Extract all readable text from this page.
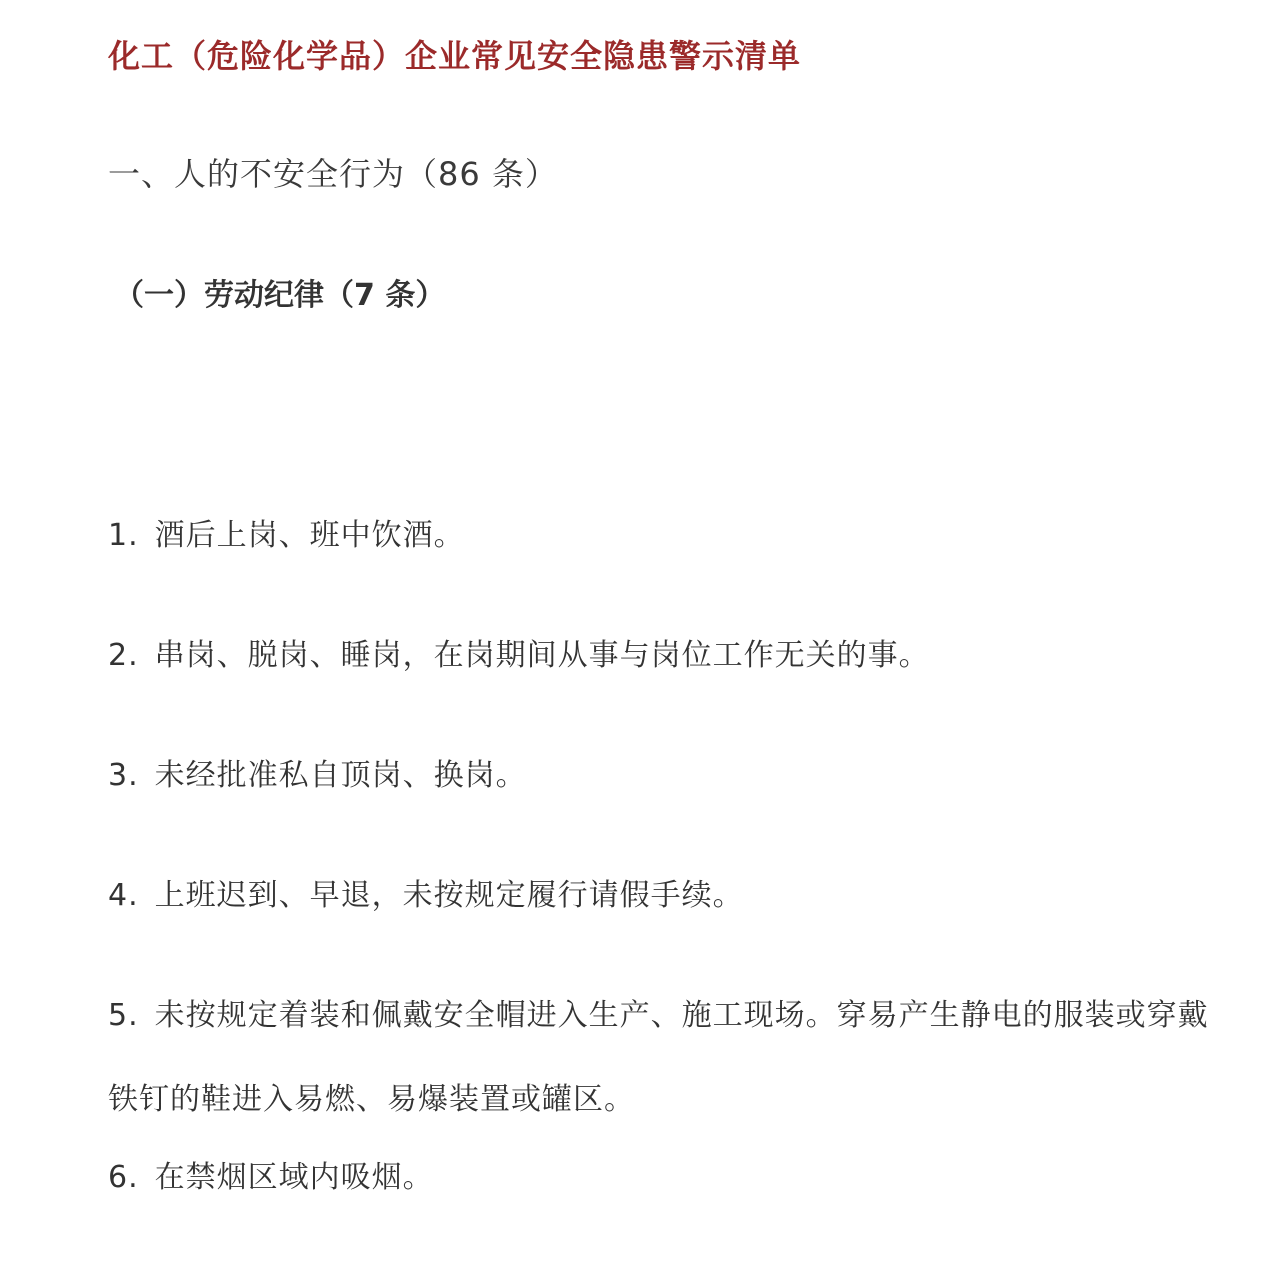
化工（危险化学品）企业常见安全隐患警示清单
一、人的不安全行为（86 条）
（一）劳动纪律（7 条）
1. 酒后上岗、班中饮酒。
2. 串岗、脱岗、睡岗，在岗期间从事与岗位工作无关的事。
3. 未经批准私自顶岗、换岗。
4. 上班迟到、早退，未按规定履行请假手续。
5. 未按规定着装和佩戴安全帽进入生产、施工现场。穿易产生静电的服装或穿戴铁钉的鞋进入易燃、易爆装置或罐区。
6. 在禁烟区域内吸烟。
